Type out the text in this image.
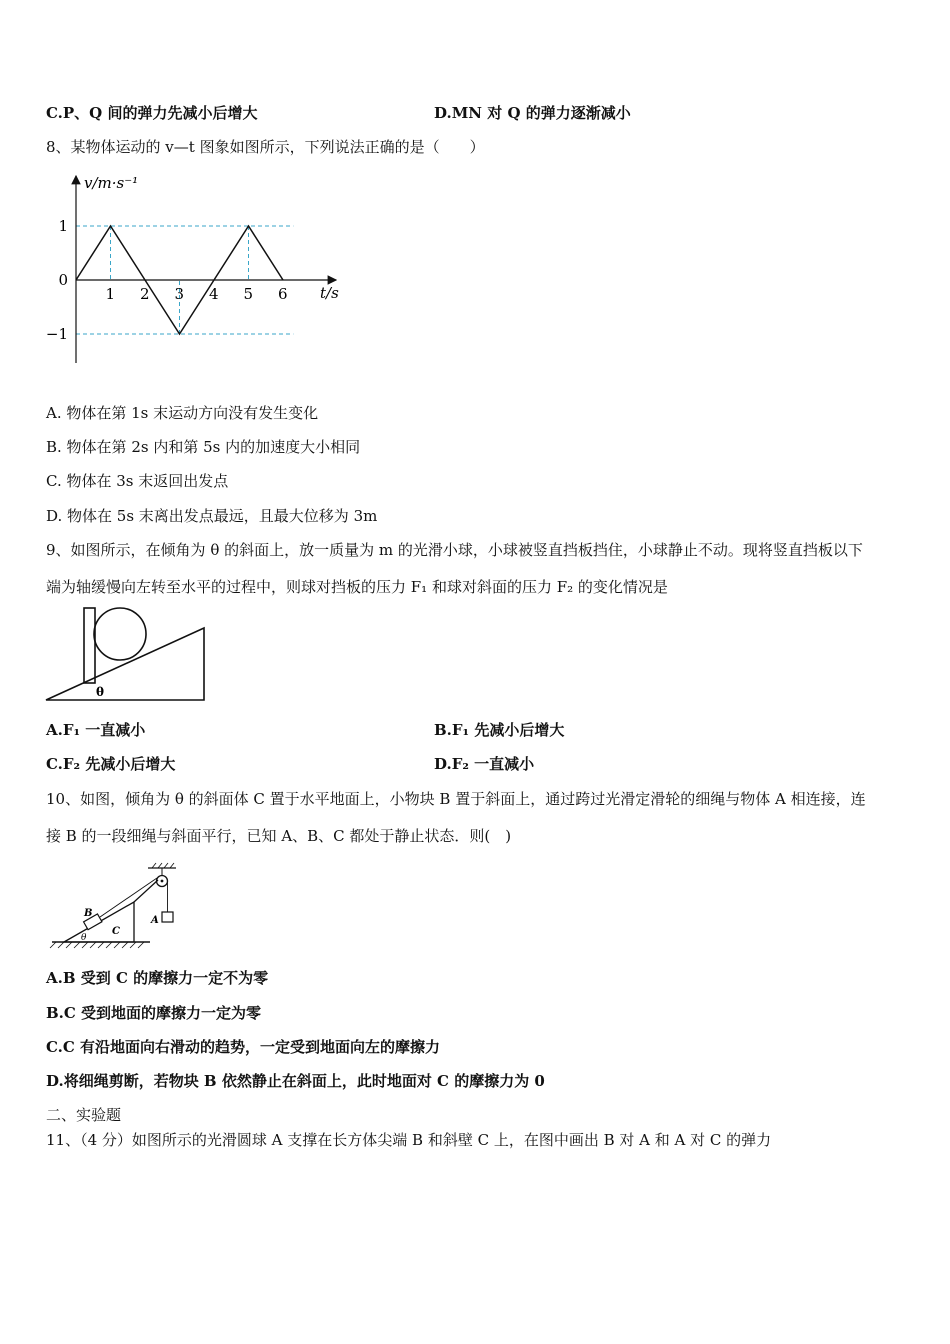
C.P、Q 间的弹力先减小后增大	D.MN 对 Q 的弹力逐渐减小
8、某物体运动的 v—t 图象如图所示，下列说法正确的是（　　）
1 2 3 4 5 6
1
0
−1
v/m·s⁻¹
t/s
A. 物体在第 1s 末运动方向没有发生变化
B. 物体在第 2s 内和第 5s 内的加速度大小相同
C. 物体在 3s 末返回出发点
D. 物体在 5s 末离出发点最远，且最大位移为 3m
9、如图所示，在倾角为 θ 的斜面上，放一质量为 m 的光滑小球，小球被竖直挡板挡住，小球静止不动。现将竖直挡板以下
端为轴缓慢向左转至水平的过程中，则球对挡板的压力 F₁ 和球对斜面的压力 F₂ 的变化情况是
θ
A.F₁ 一直减小	B.F₁ 先减小后增大
C.F₂ 先减小后增大	D.F₂ 一直减小
10、如图，倾角为 θ 的斜面体 C 置于水平地面上，小物块 B 置于斜面上，通过跨过光滑定滑轮的细绳与物体 A 相连接，连
接 B 的一段细绳与斜面平行，已知 A、B、C 都处于静止状态．则(　)
B
C
A
θ
A.B 受到 C 的摩擦力一定不为零
B.C 受到地面的摩擦力一定为零
C.C 有沿地面向右滑动的趋势，一定受到地面向左的摩擦力
D.将细绳剪断，若物块 B 依然静止在斜面上，此时地面对 C 的摩擦力为 0
二、实验题
11、（4 分）如图所示的光滑圆球 A 支撑在长方体尖端 B 和斜壁 C 上，在图中画出 B 对 A 和 A 对 C 的弹力
